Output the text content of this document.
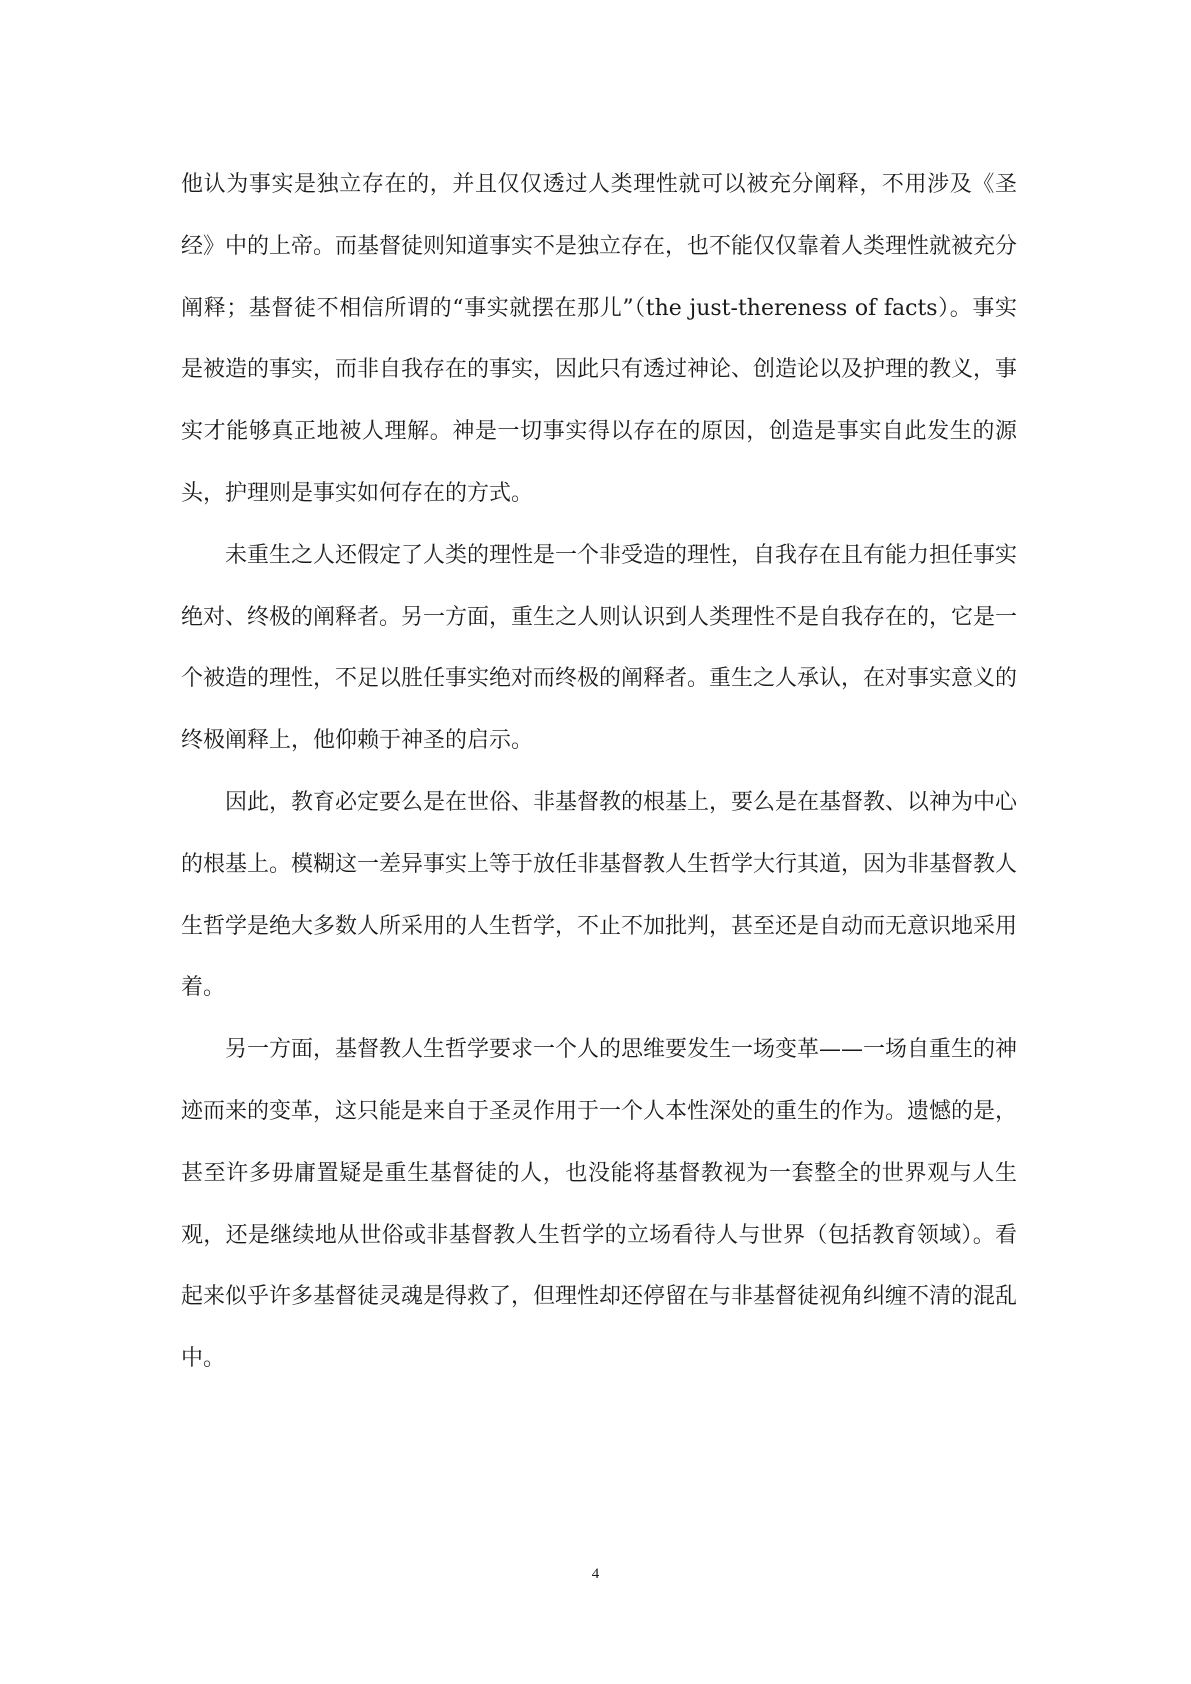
他认为事实是独立存在的，并且仅仅透过人类理性就可以被充分阐释，不用涉及《圣经》中的上帝。而基督徒则知道事实不是独立存在，也不能仅仅靠着人类理性就被充分阐释；基督徒不相信所谓的“事实就摆在那儿”（the just-thereness of facts）。事实是被造的事实，而非自我存在的事实，因此只有透过神论、创造论以及护理的教义，事实才能够真正地被人理解。神是一切事实得以存在的原因，创造是事实自此发生的源头，护理则是事实如何存在的方式。

未重生之人还假定了人类的理性是一个非受造的理性，自我存在且有能力担任事实绝对、终极的阐释者。另一方面，重生之人则认识到人类理性不是自我存在的，它是一个被造的理性，不足以胜任事实绝对而终极的阐释者。重生之人承认，在对事实意义的终极阐释上，他仰赖于神圣的启示。

因此，教育必定要么是在世俗、非基督教的根基上，要么是在基督教、以神为中心的根基上。模糊这一差异事实上等于放任非基督教人生哲学大行其道，因为非基督教人生哲学是绝大多数人所采用的人生哲学，不止不加批判，甚至还是自动而无意识地采用着。

另一方面，基督教人生哲学要求一个人的思维要发生一场变革——一场自重生的神迹而来的变革，这只能是来自于圣灵作用于一个人本性深处的重生的作为。遗憾的是，甚至许多毋庸置疑是重生基督徒的人，也没能将基督教视为一套整全的世界观与人生观，还是继续地从世俗或非基督教人生哲学的立场看待人与世界（包括教育领域）。看起来似乎许多基督徒灵魂是得救了，但理性却还停留在与非基督徒视角纠缠不清的混乱中。

4
